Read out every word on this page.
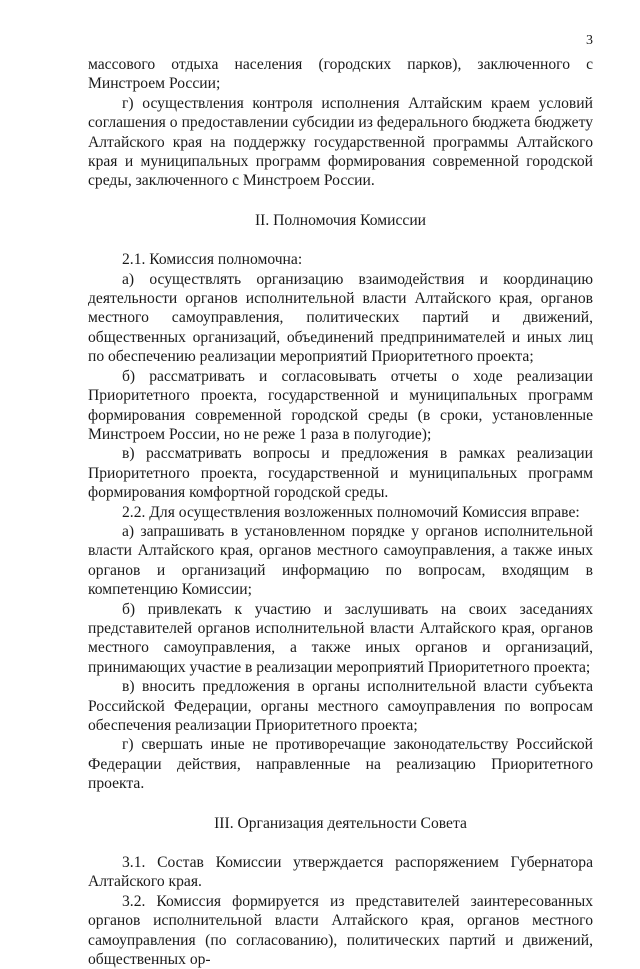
3

массового отдыха населения (городских парков), заключенного с Минстроем России;

г) осуществления контроля исполнения Алтайским краем условий соглашения о предоставлении субсидии из федерального бюджета бюджету Алтайского края на поддержку государственной программы Алтайского края и муниципальных программ формирования современной городской среды, заключенного с Минстроем России.

II. Полномочия Комиссии

2.1. Комиссия полномочна:

а) осуществлять организацию взаимодействия и координацию деятельности органов исполнительной власти Алтайского края, органов местного самоуправления, политических партий и движений, общественных организаций, объединений предпринимателей и иных лиц по обеспечению реализации мероприятий Приоритетного проекта;

б) рассматривать и согласовывать отчеты о ходе реализации Приоритетного проекта, государственной и муниципальных программ формирования современной городской среды (в сроки, установленные Минстроем России, но не реже 1 раза в полугодие);

в) рассматривать вопросы и предложения в рамках реализации Приоритетного проекта, государственной и муниципальных программ формирования комфортной городской среды.

2.2. Для осуществления возложенных полномочий Комиссия вправе:

а) запрашивать в установленном порядке у органов исполнительной власти Алтайского края, органов местного самоуправления, а также иных органов и организаций информацию по вопросам, входящим в компетенцию Комиссии;

б) привлекать к участию и заслушивать на своих заседаниях представителей органов исполнительной власти Алтайского края, органов местного самоуправления, а также иных органов и организаций, принимающих участие в реализации мероприятий Приоритетного проекта;

в) вносить предложения в органы исполнительной власти субъекта Российской Федерации, органы местного самоуправления по вопросам обеспечения реализации Приоритетного проекта;

г) свершать иные не противоречащие законодательству Российской Федерации действия, направленные на реализацию Приоритетного проекта.

III. Организация деятельности Совета

3.1. Состав Комиссии утверждается распоряжением Губернатора Алтайского края.

3.2. Комиссия формируется из представителей заинтересованных органов исполнительной власти Алтайского края, органов местного самоуправления (по согласованию), политических партий и движений, общественных ор-
